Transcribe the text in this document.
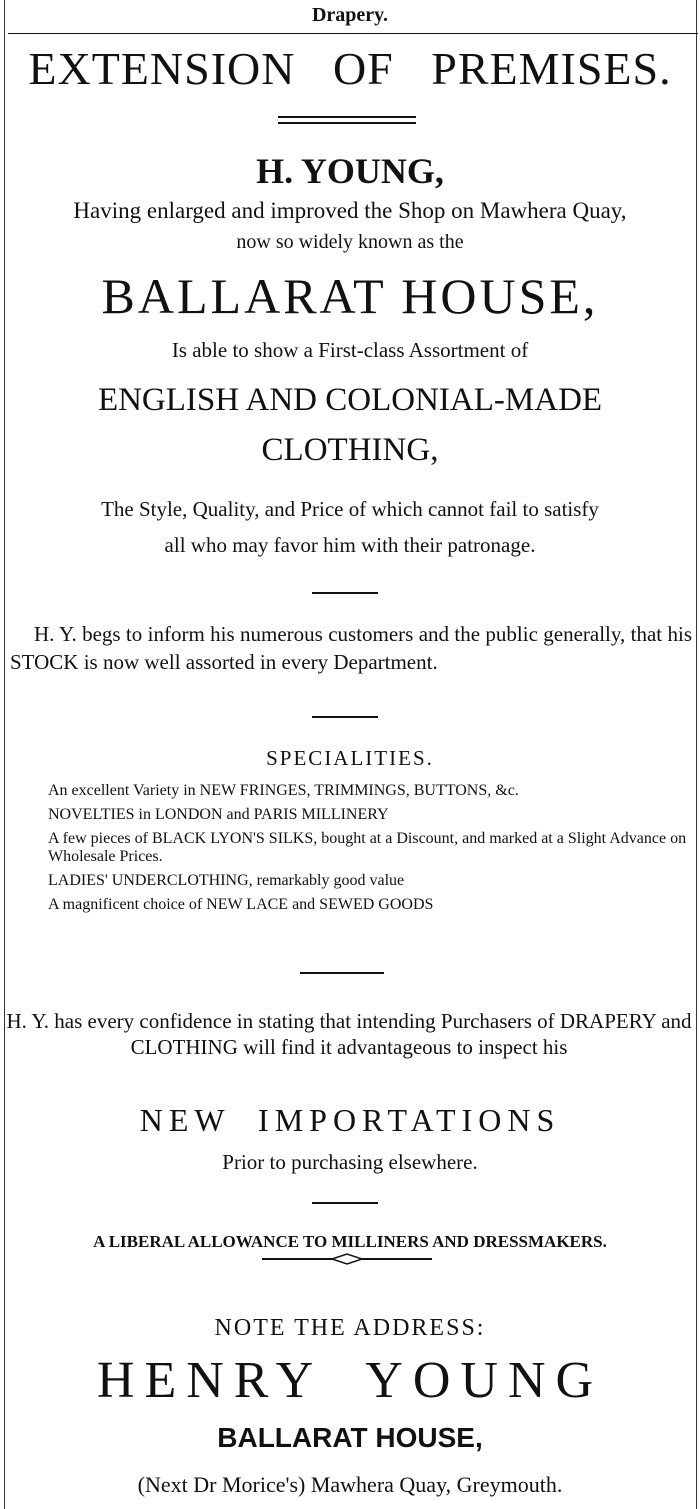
Drapery.

EXTENSION   OF   PREMISES.

H. YOUNG,

Having enlarged and improved the Shop on Mawhera Quay,

now so widely known as the

BALLARAT HOUSE,

Is able to show a First-class Assortment of

ENGLISH AND COLONIAL-MADE

CLOTHING,

The Style, Quality, and Price of which cannot fail to satisfy

all who may favor him with their patronage.

H. Y. begs to inform his numerous customers and the public generally, that his STOCK is now well assorted in every Department.

SPECIALITIES.

An excellent Variety in NEW FRINGES, TRIMMINGS, BUTTONS, &c.
NOVELTIES in LONDON and PARIS MILLINERY
A few pieces of BLACK LYON'S SILKS, bought at a Discount, and marked at a Slight Advance on Wholesale Prices.
LADIES' UNDERCLOTHING, remarkably good value
A magnificent choice of NEW LACE and SEWED GOODS

H. Y. has every confidence in stating that intending Purchasers of DRAPERY and CLOTHING will find it advantageous to inspect his

NEW  IMPORTATIONS

Prior to purchasing elsewhere.

A LIBERAL ALLOWANCE TO MILLINERS AND DRESSMAKERS.

NOTE THE ADDRESS:

HENRY  YOUNG

BALLARAT HOUSE,

(Next Dr Morice's) Mawhera Quay, Greymouth.
